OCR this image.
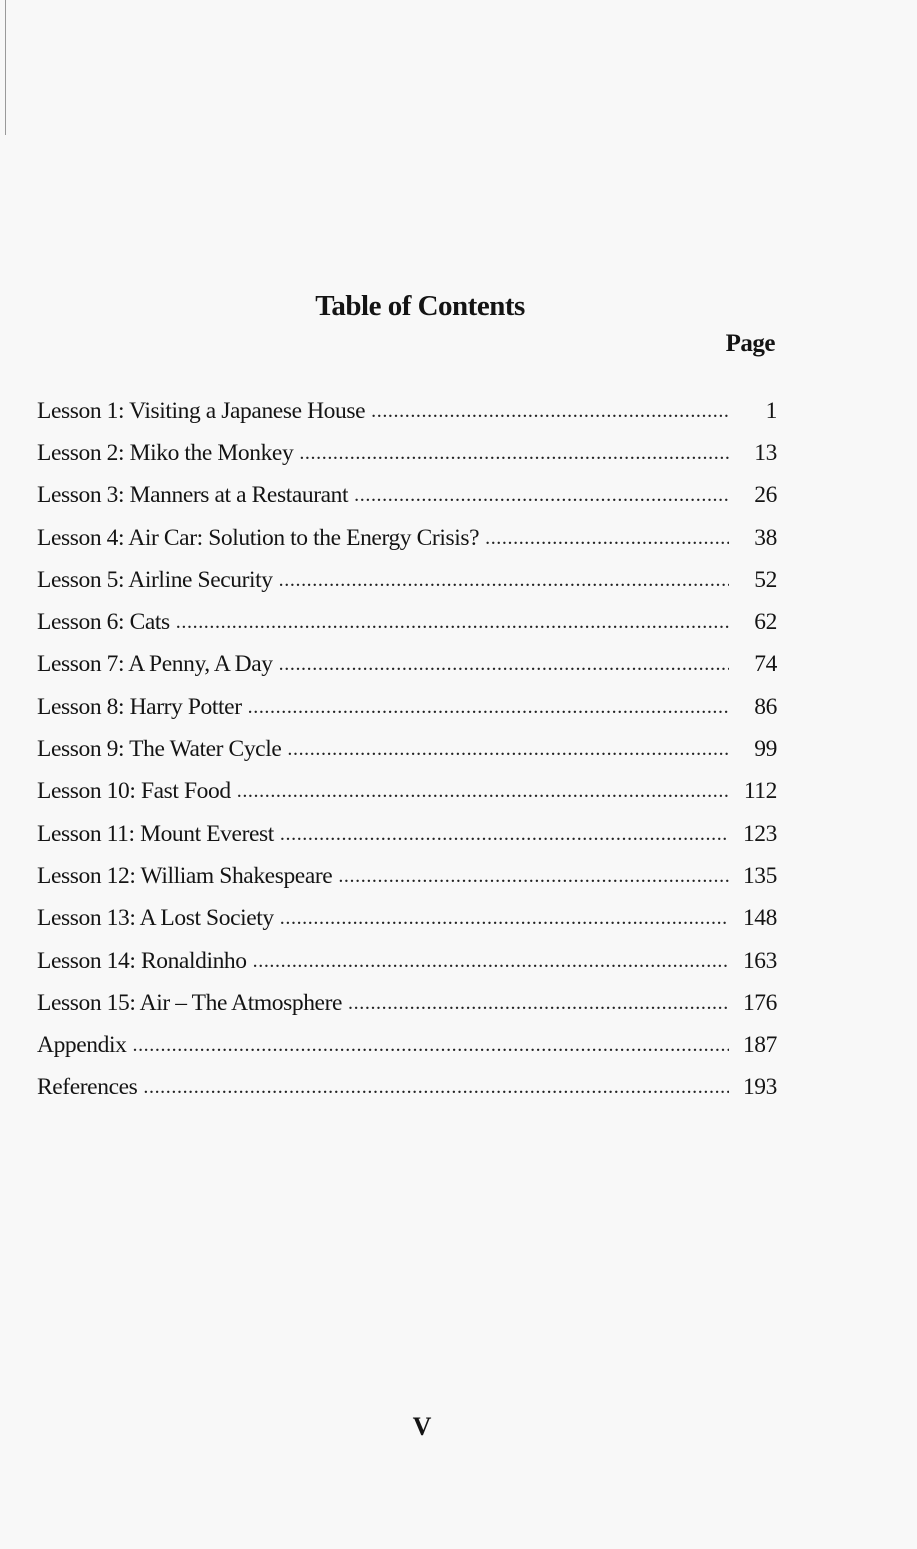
Table of Contents
Page
Lesson 1: Visiting a Japanese House .....	1
Lesson 2: Miko the Monkey .....	13
Lesson 3: Manners at a Restaurant .....	26
Lesson 4: Air Car: Solution to the Energy Crisis? .....	38
Lesson 5: Airline Security .....	52
Lesson 6: Cats .....	62
Lesson 7: A Penny, A Day .....	74
Lesson 8: Harry Potter .....	86
Lesson 9: The Water Cycle .....	99
Lesson 10: Fast Food .....	112
Lesson 11: Mount Everest .....	123
Lesson 12: William Shakespeare .....	135
Lesson 13: A Lost Society .....	148
Lesson 14: Ronaldinho .....	163
Lesson 15: Air – The Atmosphere .....	176
Appendix .....	187
References .....	193
V
